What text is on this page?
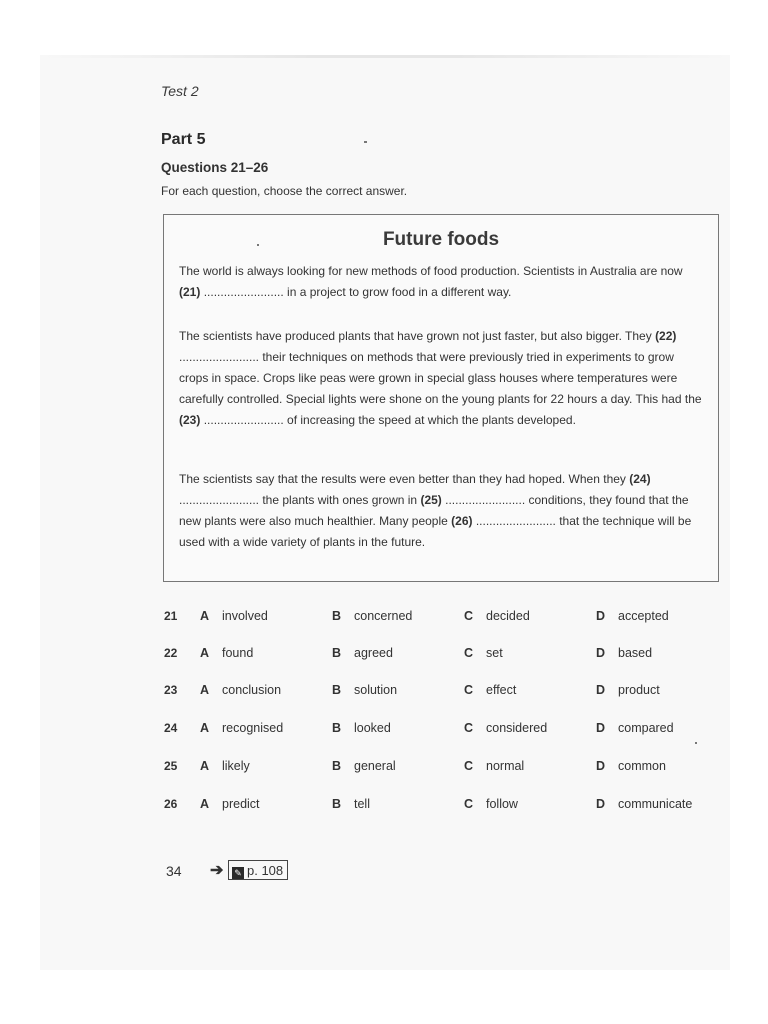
Test 2
Part 5
Questions 21–26
For each question, choose the correct answer.
Future foods
The world is always looking for new methods of food production. Scientists in Australia are now (21) ........................ in a project to grow food in a different way.
The scientists have produced plants that have grown not just faster, but also bigger. They (22) ........................ their techniques on methods that were previously tried in experiments to grow crops in space. Crops like peas were grown in special glass houses where temperatures were carefully controlled. Special lights were shone on the young plants for 22 hours a day. This had the (23) ........................ of increasing the speed at which the plants developed.
The scientists say that the results were even better than they had hoped. When they (24) ........................ the plants with ones grown in (25) ........................ conditions, they found that the new plants were also much healthier. Many people (26) ........................ that the technique will be used with a wide variety of plants in the future.
21 A involved	B concerned	C decided	D accepted
22 A found	B agreed	C set	D based
23 A conclusion	B solution	C effect	D product
24 A recognised	B looked	C considered	D compared
25 A likely	B general	C normal	D common
26 A predict	B tell	C follow	D communicate
34 ➔	✎ p. 108
